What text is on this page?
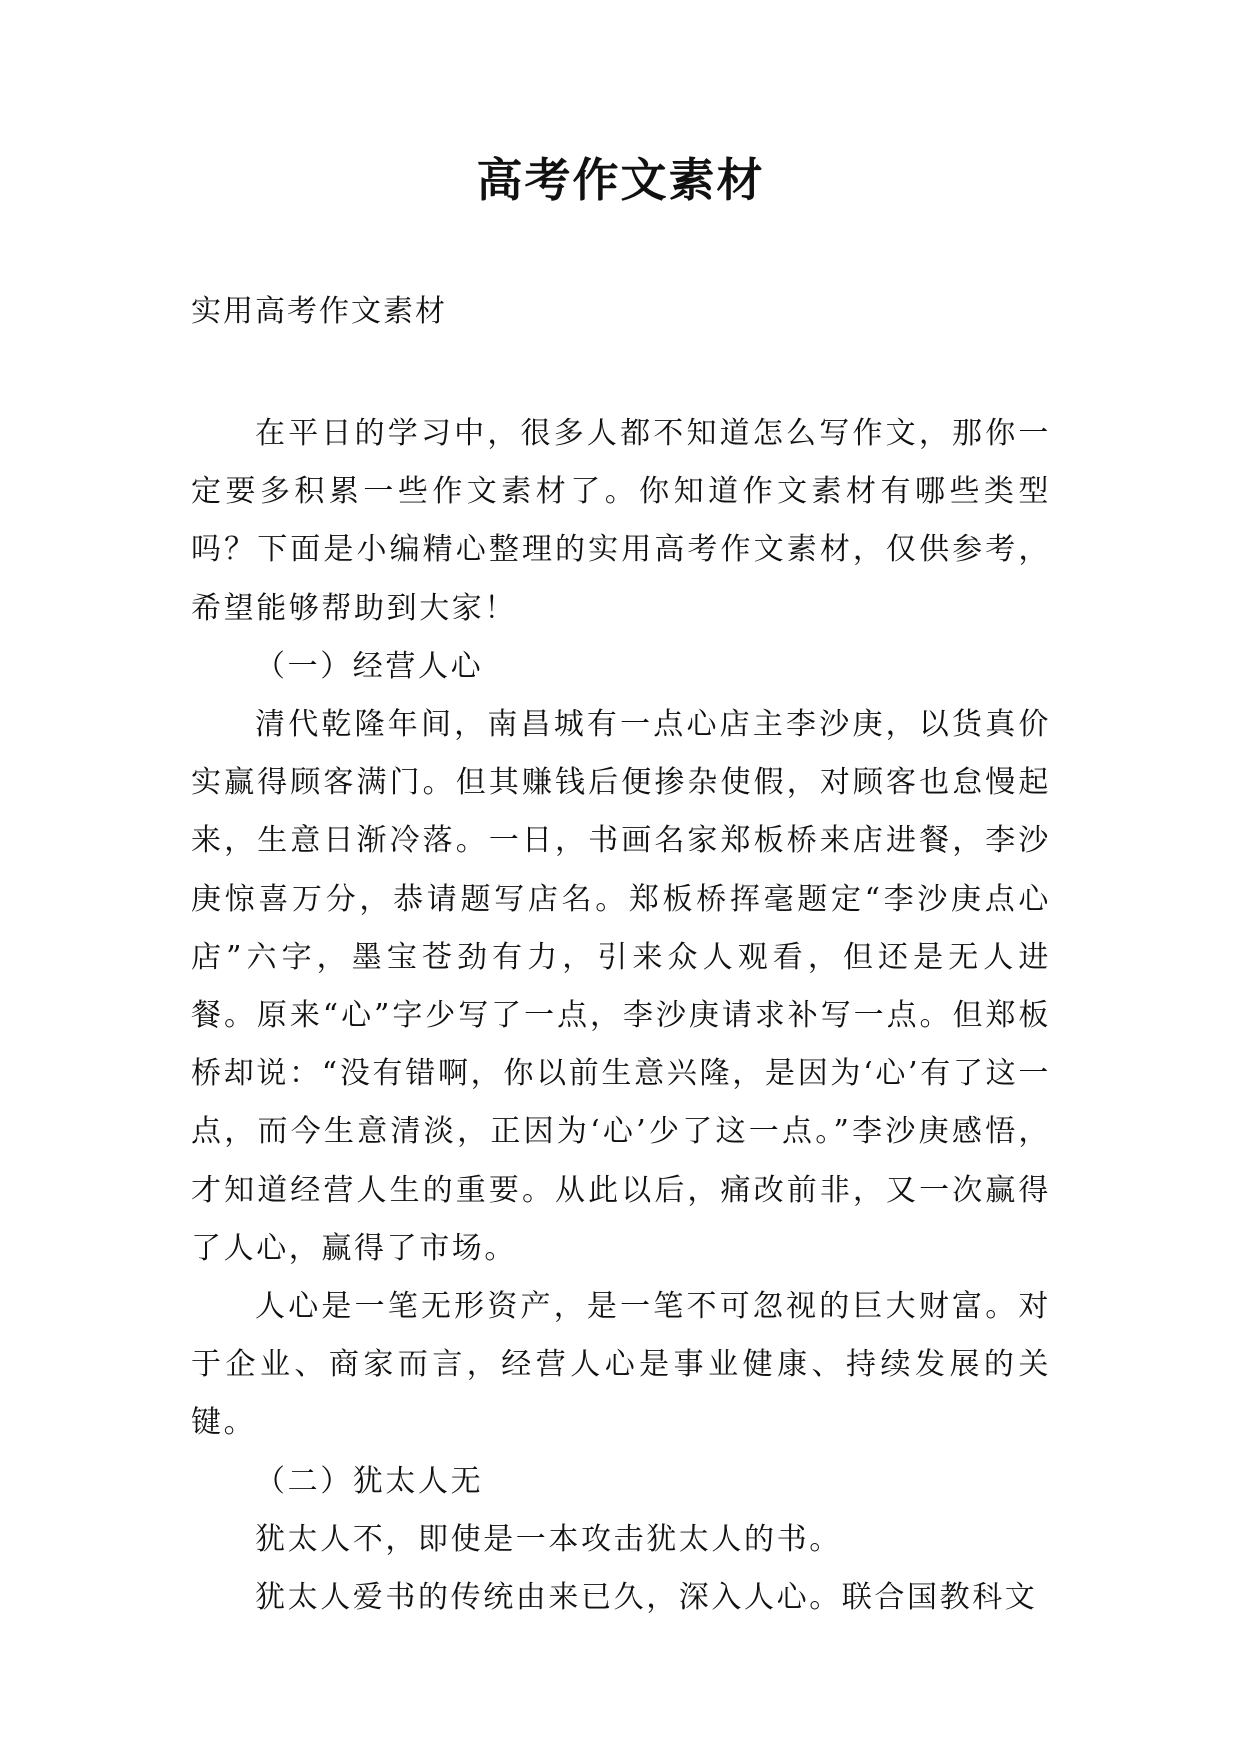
高考作文素材

实用高考作文素材

在平日的学习中，很多人都不知道怎么写作文，那你一定要多积累一些作文素材了。你知道作文素材有哪些类型吗？下面是小编精心整理的实用高考作文素材，仅供参考，希望能够帮助到大家！

（一）经营人心

清代乾隆年间，南昌城有一点心店主李沙庚，以货真价实赢得顾客满门。但其赚钱后便掺杂使假，对顾客也怠慢起来，生意日渐冷落。一日，书画名家郑板桥来店进餐，李沙庚惊喜万分，恭请题写店名。郑板桥挥毫题定“李沙庚点心店”六字，墨宝苍劲有力，引来众人观看，但还是无人进餐。原来“心”字少写了一点，李沙庚请求补写一点。但郑板桥却说：“没有错啊，你以前生意兴隆，是因为‘心’有了这一点，而今生意清淡，正因为‘心’少了这一点。”李沙庚感悟，才知道经营人生的重要。从此以后，痛改前非，又一次赢得了人心，赢得了市场。

人心是一笔无形资产，是一笔不可忽视的巨大财富。对于企业、商家而言，经营人心是事业健康、持续发展的关键。

（二）犹太人无

犹太人不，即使是一本攻击犹太人的书。

犹太人爱书的传统由来已久，深入人心。联合国教科文
